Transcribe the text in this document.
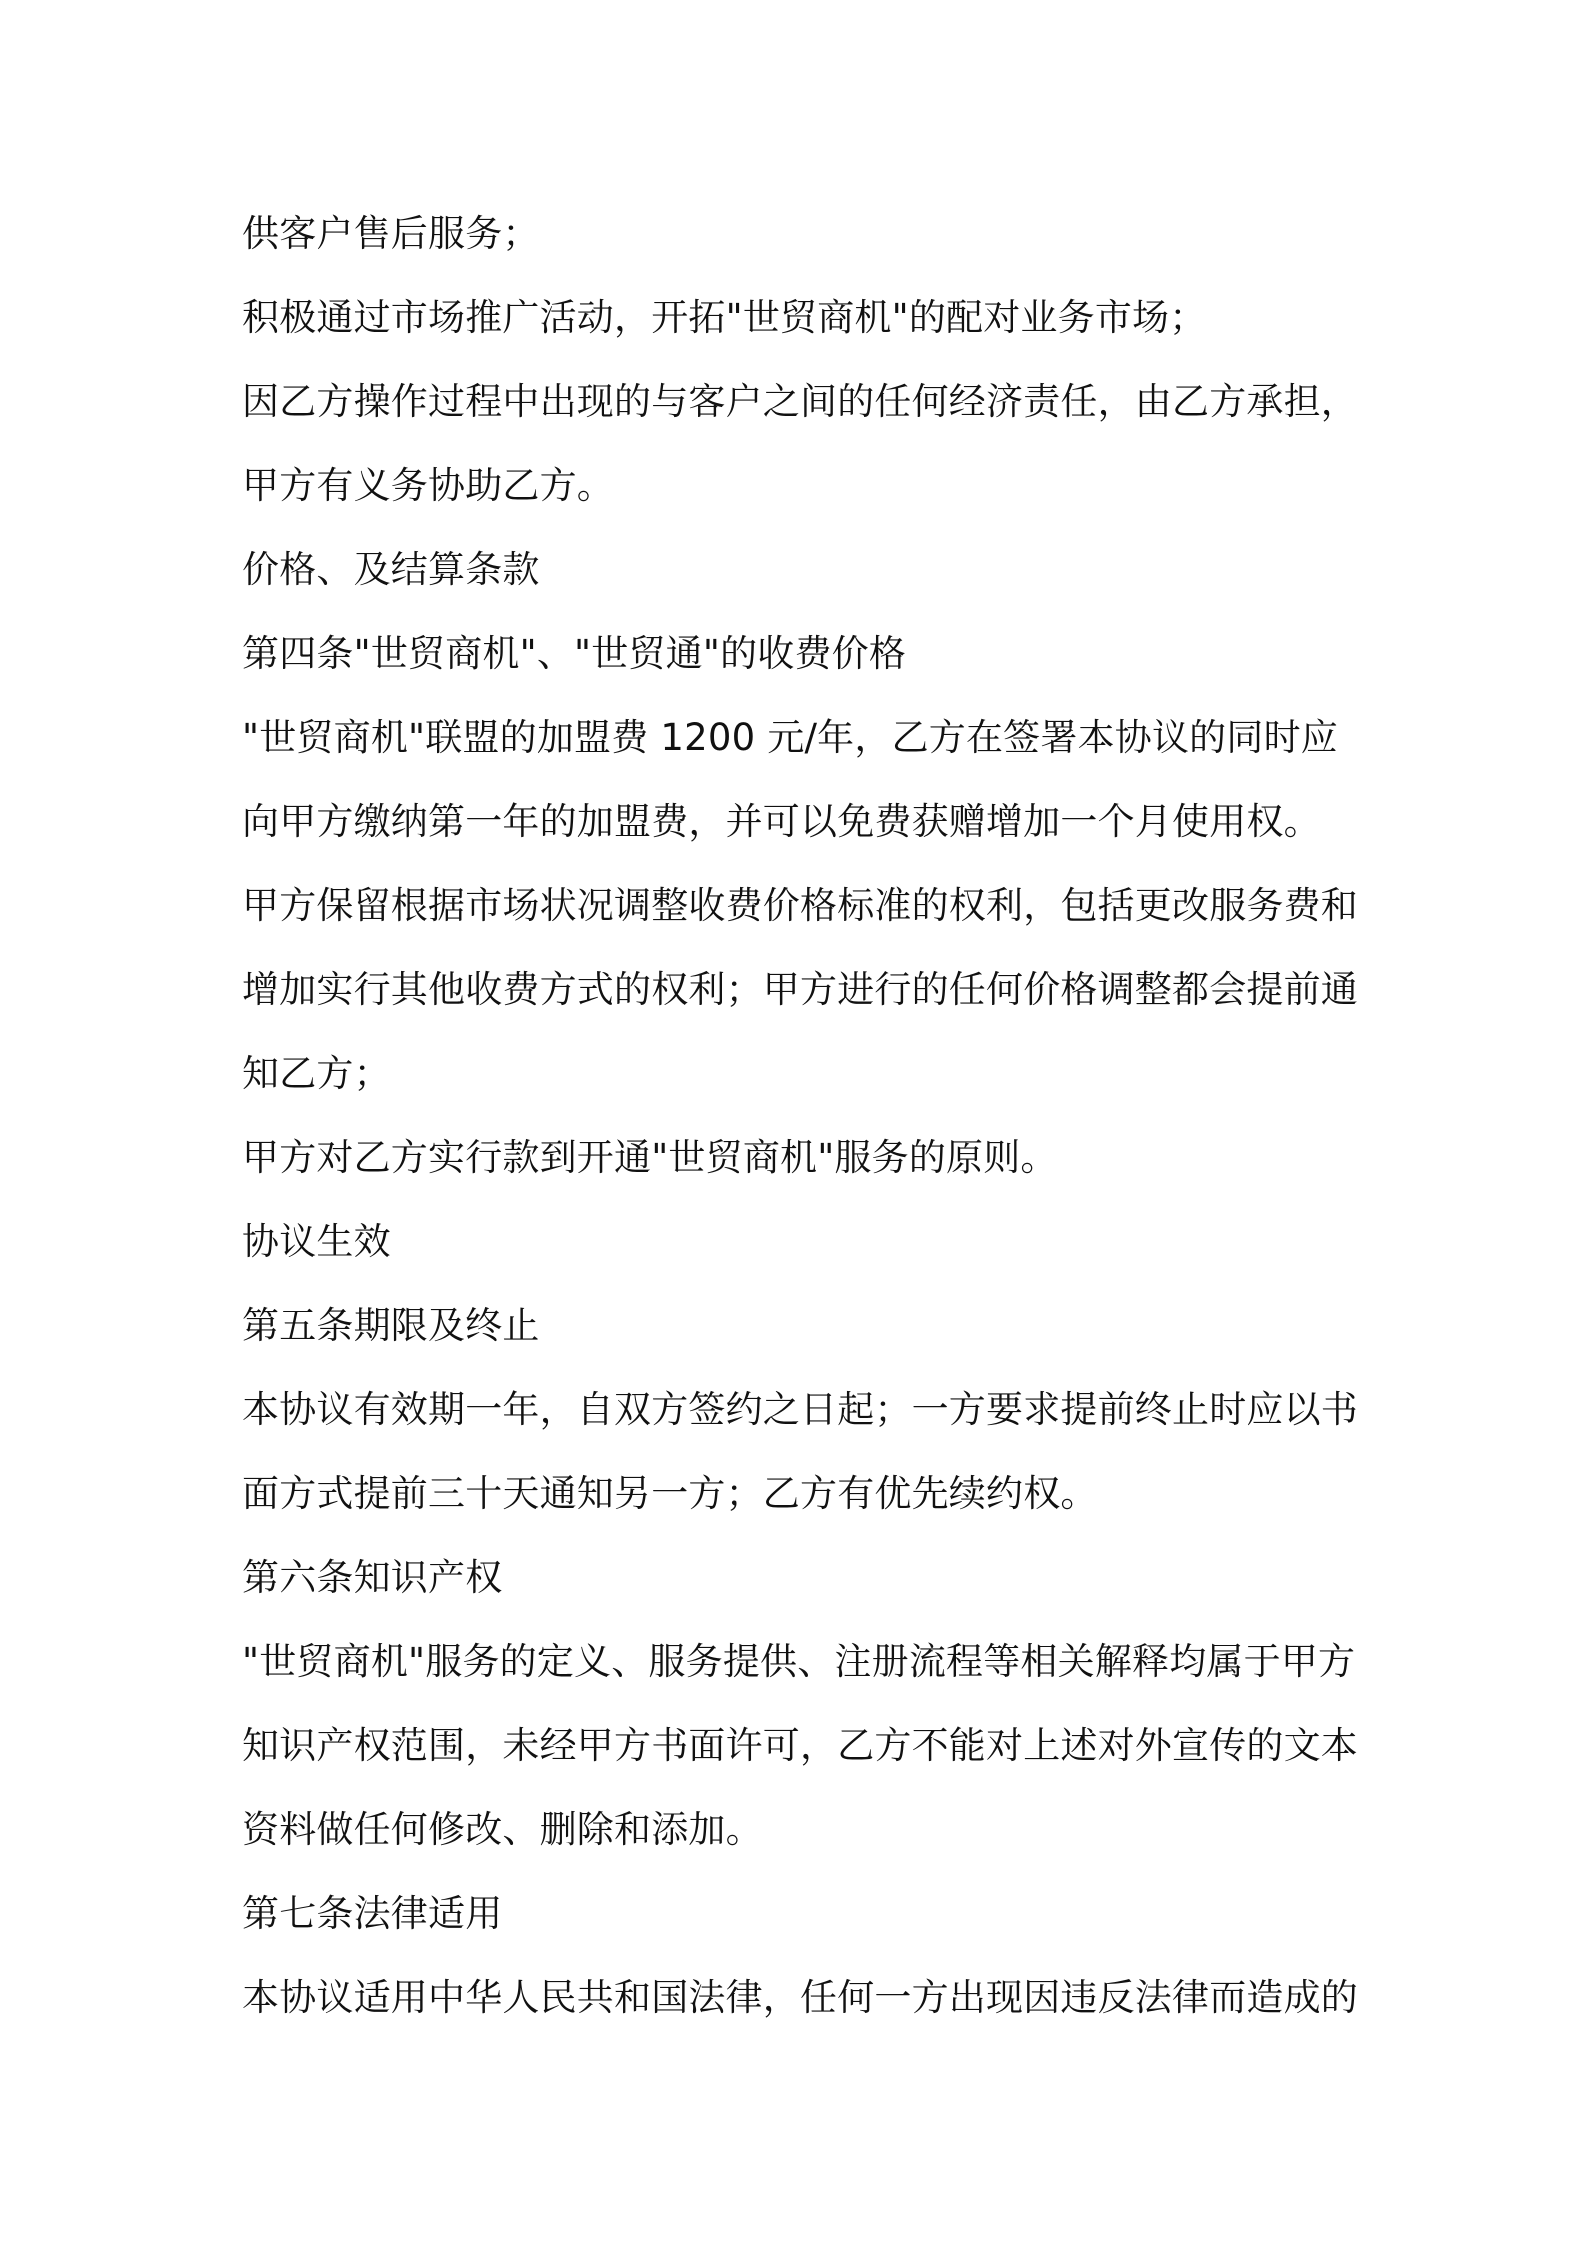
供客户售后服务；
积极通过市场推广活动，开拓"世贸商机"的配对业务市场；
因乙方操作过程中出现的与客户之间的任何经济责任，由乙方承担，
甲方有义务协助乙方。
价格、及结算条款
第四条"世贸商机"、"世贸通"的收费价格
"世贸商机"联盟的加盟费 1200 元/年，乙方在签署本协议的同时应
向甲方缴纳第一年的加盟费，并可以免费获赠增加一个月使用权。
甲方保留根据市场状况调整收费价格标准的权利，包括更改服务费和
增加实行其他收费方式的权利；甲方进行的任何价格调整都会提前通
知乙方；
甲方对乙方实行款到开通"世贸商机"服务的原则。
协议生效
第五条期限及终止
本协议有效期一年，自双方签约之日起；一方要求提前终止时应以书
面方式提前三十天通知另一方；乙方有优先续约权。
第六条知识产权
"世贸商机"服务的定义、服务提供、注册流程等相关解释均属于甲方
知识产权范围，未经甲方书面许可，乙方不能对上述对外宣传的文本
资料做任何修改、删除和添加。
第七条法律适用
本协议适用中华人民共和国法律，任何一方出现因违反法律而造成的
